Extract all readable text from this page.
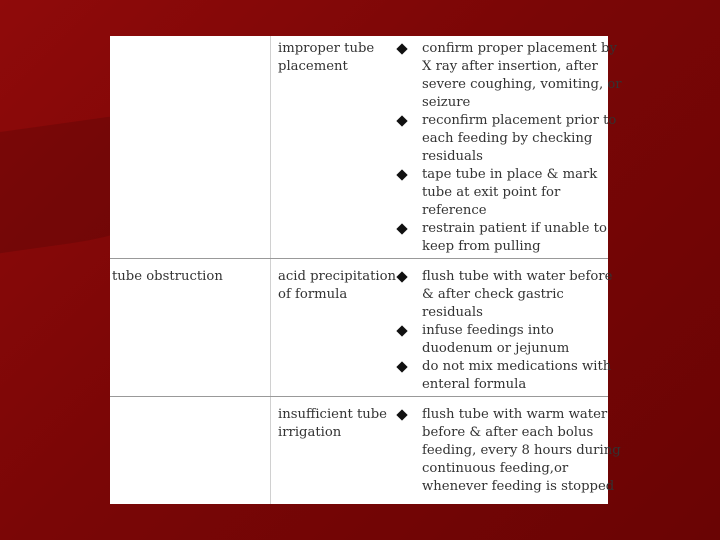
improper tube
placement
confirm proper placement by
X ray after insertion, after
severe coughing, vomiting, or
seizure
reconfirm placement prior to
each feeding by checking
residuals
tape tube in place & mark
tube at exit point for
reference
restrain patient if unable to
keep from pulling
tube obstruction	acid precipitation
of formula
flush tube with water before
& after check gastric
residuals
infuse feedings into
duodenum or jejunum
do not mix medications with
enteral formula
insufficient tube
irrigation
flush tube with warm water
before & after each bolus
feeding, every 8 hours during
continuous feeding,or
whenever feeding is stopped
